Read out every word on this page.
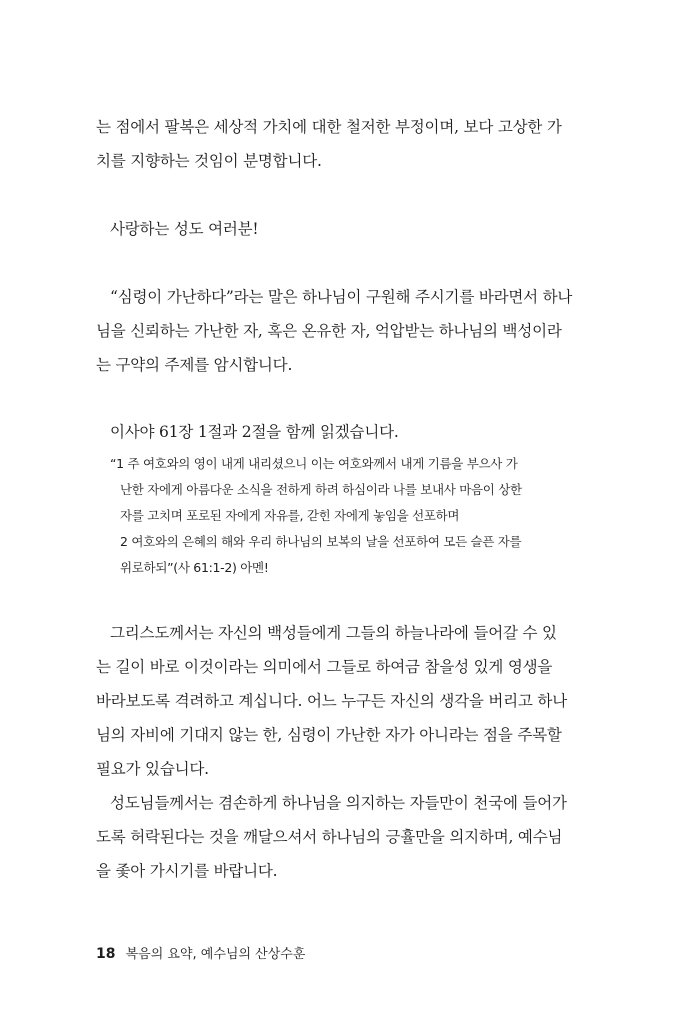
는 점에서 팔복은 세상적 가치에 대한 철저한 부정이며, 보다 고상한 가
치를 지향하는 것임이 분명합니다.
사랑하는 성도 여러분!
“심령이 가난하다”라는 말은 하나님이 구원해 주시기를 바라면서 하나
님을 신뢰하는 가난한 자, 혹은 온유한 자, 억압받는 하나님의 백성이라
는 구약의 주제를 암시합니다.
이사야 61장 1절과 2절을 함께 읽겠습니다.
“1 주 여호와의 영이 내게 내리셨으니 이는 여호와께서 내게 기름을 부으사 가
난한 자에게 아름다운 소식을 전하게 하려 하심이라 나를 보내사 마음이 상한
자를 고치며 포로된 자에게 자유를, 갇힌 자에게 놓임을 선포하며
2 여호와의 은혜의 해와 우리 하나님의 보복의 날을 선포하여 모든 슬픈 자를
위로하되”(사 61:1-2) 아멘!
그리스도께서는 자신의 백성들에게 그들의 하늘나라에 들어갈 수 있
는 길이 바로 이것이라는 의미에서 그들로 하여금 참을성 있게 영생을
바라보도록 격려하고 계십니다. 어느 누구든 자신의 생각을 버리고 하나
님의 자비에 기대지 않는 한, 심령이 가난한 자가 아니라는 점을 주목할
필요가 있습니다.
성도님들께서는 겸손하게 하나님을 의지하는 자들만이 천국에 들어가
도록 허락된다는 것을 깨달으셔서 하나님의 긍휼만을 의지하며, 예수님
을 좇아 가시기를 바랍니다.
18 복음의 요약, 예수님의 산상수훈
